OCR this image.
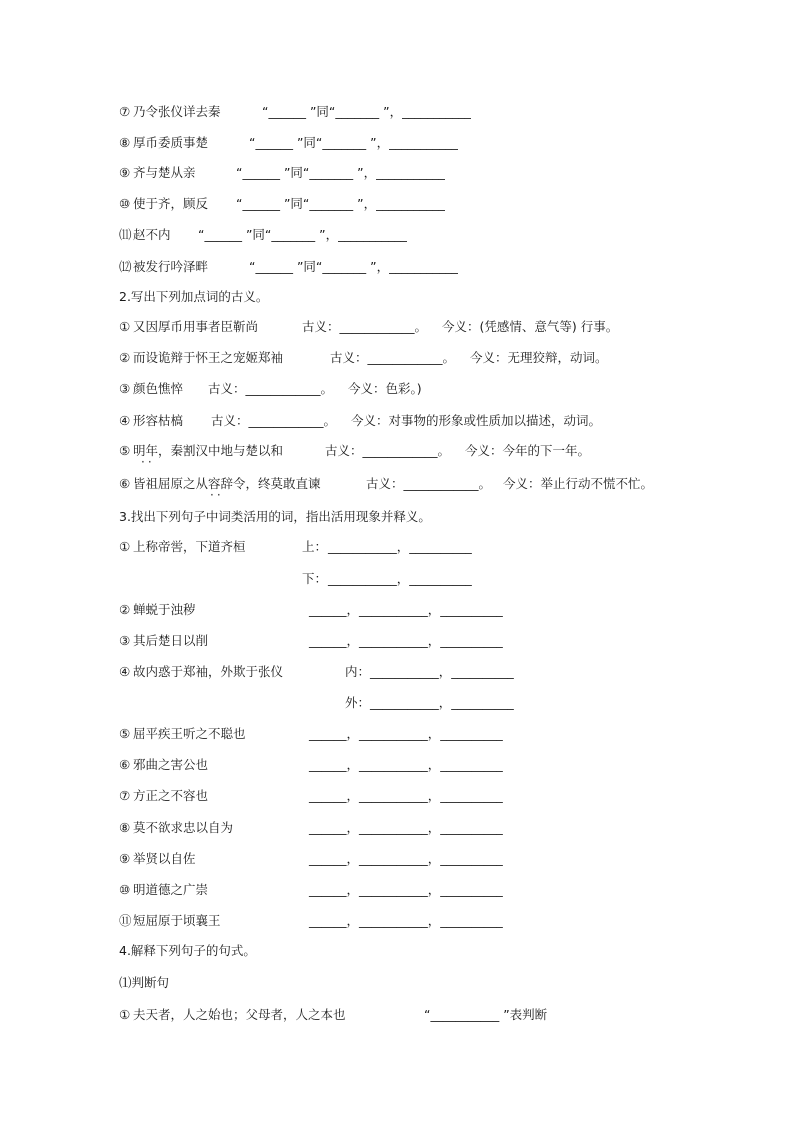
⑦

乃令张仪详去秦

	“______ ”同“_______ ”，___________

⑧

厚币委质事楚

	“______ ”同“_______ ”，___________

⑨

齐与楚从亲

	“______ ”同“_______ ”，___________

⑩

使于齐，顾反

“______ ”同“_______ ”，___________

⑾

赵不内

“______ ”同“_______ ”，___________

⑿

被发行吟泽畔

	“______ ”同“_______ ”，___________

2.写出下列加点词的古义。

①

又因厚币用事者臣靳尚

	古义：____________。

今义：(凭感情、意气等) 行事。

②

而设诡辩于怀王之宠姬郑袖

	古义：____________。

今义：无理狡辩，动词。

③

颜色憔悴

古义：____________。

今义：色彩。)

④

形容枯槁

古义：____________。

今义：对事物的形象或性质加以描述，动词。

⑤

明年，秦割汉中地与楚以和

	古义：____________。

今义：今年的下一年。

··

⑥

皆祖屈原之从容辞令，终莫敢直谏

	古义：____________。

今义：举止行动不慌不忙。

··

3.找出下列句子中词类活用的词，指出活用现象并释义。

①

上称帝喾，下道齐桓

	上：

___________，__________

下：

___________，__________

②

蝉蜕于浊秽

	______，___________，__________

③

其后楚日以削

	______，___________，__________

④

故内惑于郑袖，外欺于张仪

	内：

___________，__________

外：

___________，__________

⑤

屈平疾王听之不聪也

	______，___________，__________

⑥

邪曲之害公也

	______，___________，__________

⑦

方正之不容也

	______，___________，__________

⑧

莫不欲求忠以自为

	______，___________，__________

⑨

举贤以自佐

	______，___________，__________

⑩

明道德之广崇

	______，___________，__________

⑪

短屈原于顷襄王

	______，___________，__________

4.解释下列句子的句式。

⑴判断句

①

夫天者，人之始也；父母者，人之本也

	“___________ ”表判断
